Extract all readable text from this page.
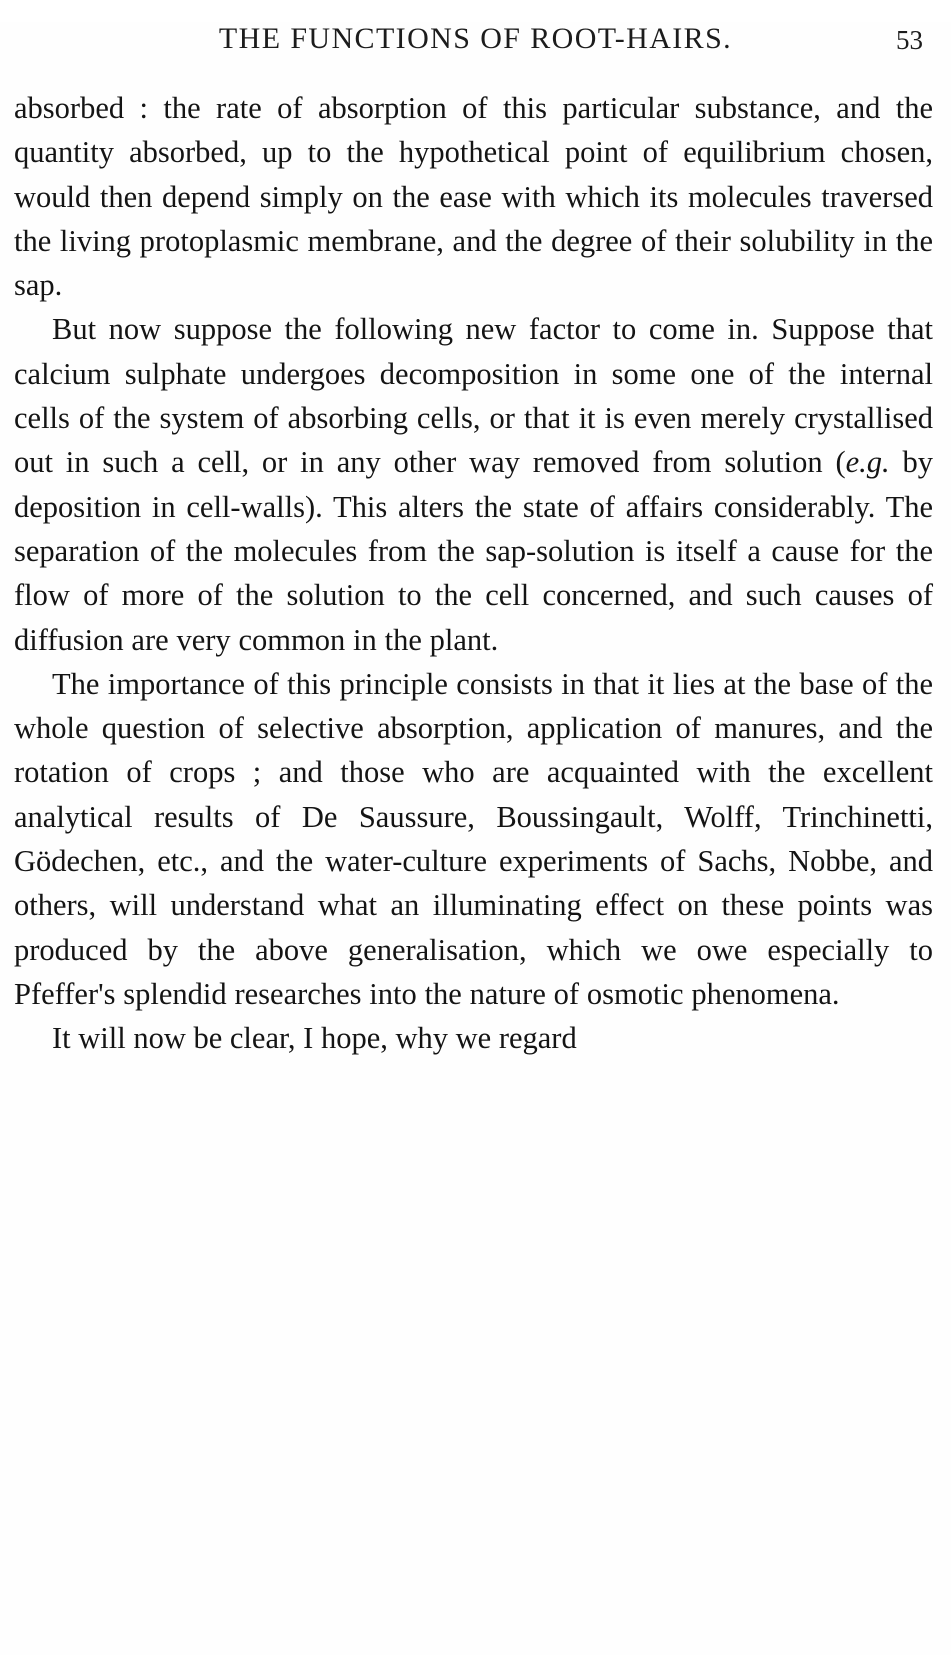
THE FUNCTIONS OF ROOT-HAIRS.	53

absorbed : the rate of absorption of this particular substance, and the quantity absorbed, up to the hypothetical point of equilibrium chosen, would then depend simply on the ease with which its molecules traversed the living protoplasmic membrane, and the degree of their solubility in the sap.

But now suppose the following new factor to come in. Suppose that calcium sulphate undergoes decomposition in some one of the internal cells of the system of absorbing cells, or that it is even merely crystallised out in such a cell, or in any other way removed from solution (e.g. by deposition in cell-walls). This alters the state of affairs considerably. The separation of the molecules from the sap-solution is itself a cause for the flow of more of the solution to the cell concerned, and such causes of diffusion are very common in the plant.

The importance of this principle consists in that it lies at the base of the whole question of selective absorption, application of manures, and the rotation of crops ; and those who are acquainted with the excellent analytical results of De Saussure, Boussingault, Wolff, Trinchinetti, Gödechen, etc., and the water-culture experiments of Sachs, Nobbe, and others, will understand what an illuminating effect on these points was produced by the above generalisation, which we owe especially to Pfeffer's splendid researches into the nature of osmotic phenomena.

It will now be clear, I hope, why we regard
